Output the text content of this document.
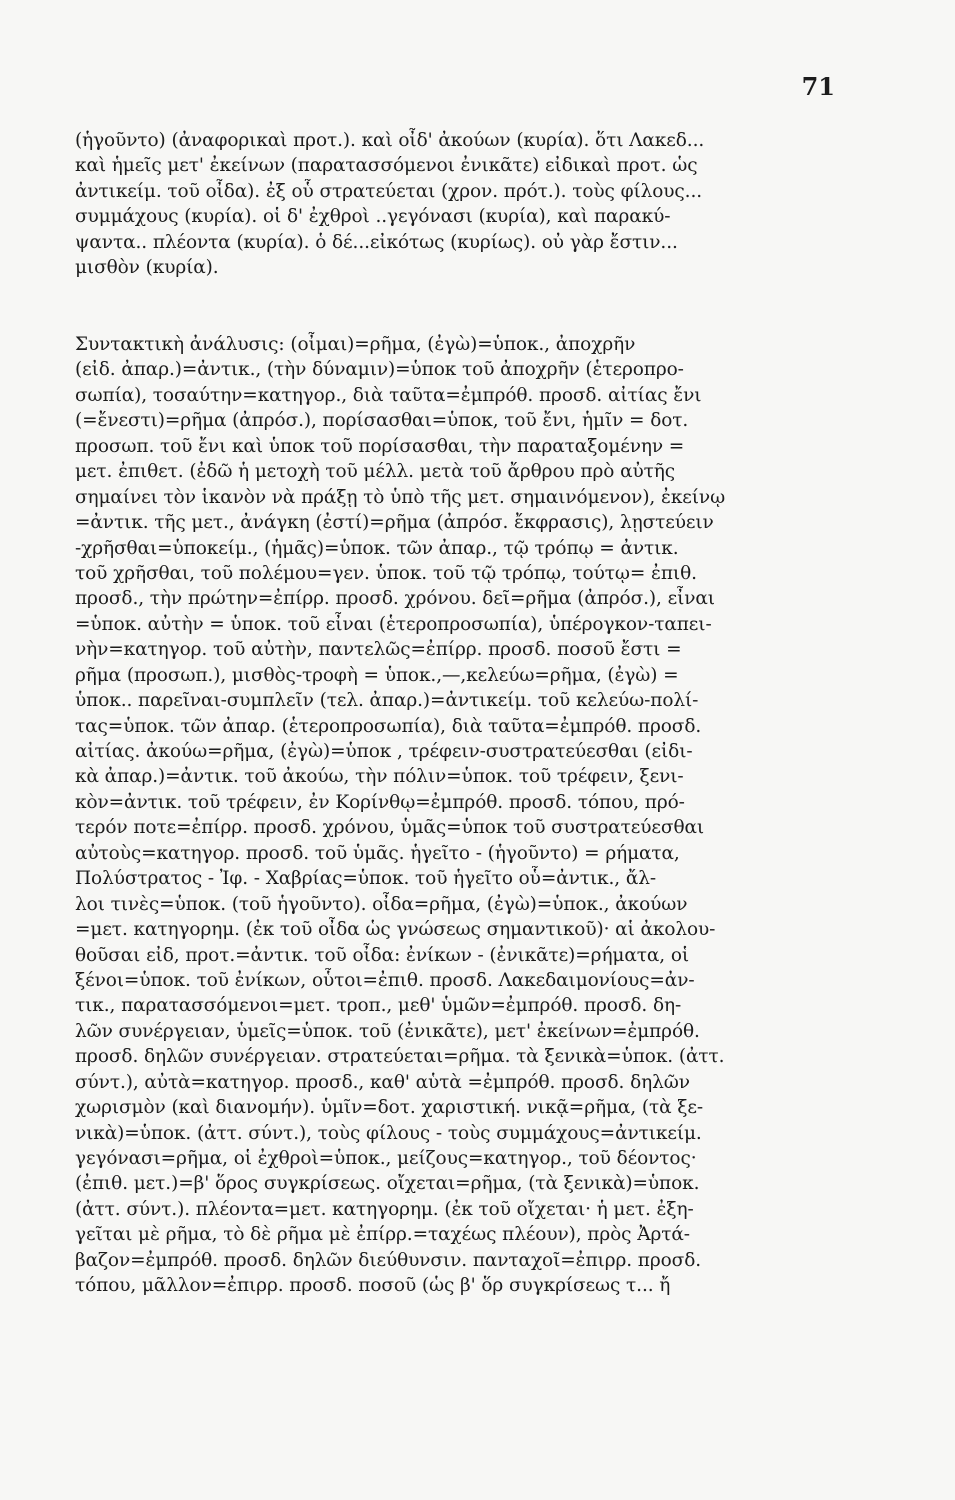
71
(ἡγοῦντο) (ἀναφορικαὶ προτ.). καὶ οἶδ' ἀκούων (κυρία). ὅτι Λακεδ...
καὶ ἡμεῖς μετ' ἐκείνων (παρατασσόμενοι ἐνικᾶτε) εἰδικαὶ προτ. ὡς
ἀντικείμ. τοῦ οἶδα). ἐξ οὗ στρατεύεται (χρον. πρότ.). τοὺς φίλους...
συμμάχους (κυρία). οἱ δ' ἐχθροὶ ..γεγόνασι (κυρία), καὶ παρακύ-
ψαντα.. πλέοντα (κυρία). ὁ δέ...εἰκότως (κυρίως). οὐ γὰρ ἔστιν...
μισθὸν (κυρία).
Συντακτικὴ ἀνάλυσις: (οἶμαι)=ρῆμα, (ἐγὼ)=ὑποκ., ἀποχρῆν
(εἰδ. ἀπαρ.)=ἀντικ., (τὴν δύναμιν)=ὑποκ τοῦ ἀποχρῆν (ἑτεροπρο-
σωπία), τοσαύτην=κατηγορ., διὰ ταῦτα=ἐμπρόθ. προσδ. αἰτίας ἔνι
(=ἔνεστι)=ρῆμα (ἀπρόσ.), πορίσασθαι=ὑποκ, τοῦ ἔνι, ἡμῖν = δοτ.
προσωπ. τοῦ ἔνι καὶ ὑποκ τοῦ πορίσασθαι, τὴν παραταξομένην =
μετ. ἐπιθετ. (ἐδῶ ἡ μετοχὴ τοῦ μέλλ. μετὰ τοῦ ἄρθρου πρὸ αὐτῆς
σημαίνει τὸν ἱκανὸν νὰ πράξῃ τὸ ὑπὸ τῆς μετ. σημαινόμενον), ἐκείνῳ
=ἀντικ. τῆς μετ., ἀνάγκη (ἐστί)=ρῆμα (ἀπρόσ. ἔκφρασις), λῃστεύειν
-χρῆσθαι=ὑποκείμ., (ἡμᾶς)=ὑποκ. τῶν ἀπαρ., τῷ τρόπῳ = ἀντικ.
τοῦ χρῆσθαι, τοῦ πολέμου=γεν. ὑποκ. τοῦ τῷ τρόπῳ, τούτῳ= ἐπιθ.
προσδ., τὴν πρώτην=ἐπίρρ. προσδ. χρόνου. δεῖ=ρῆμα (ἀπρόσ.), εἶναι
=ὑποκ. αὐτὴν = ὑποκ. τοῦ εἶναι (ἑτεροπροσωπία), ὑπέρογκον-ταπει-
νὴν=κατηγορ. τοῦ αὐτὴν, παντελῶς=ἐπίρρ. προσδ. ποσοῦ ἔστι =
ρῆμα (προσωπ.), μισθὸς-τροφὴ = ὑποκ.,—,κελεύω=ρῆμα, (ἐγὼ) =
ὑποκ.. παρεῖναι-συμπλεῖν (τελ. ἀπαρ.)=ἀντικείμ. τοῦ κελεύω-πολί-
τας=ὑποκ. τῶν ἀπαρ. (ἑτεροπροσωπία), διὰ ταῦτα=ἐμπρόθ. προσδ.
αἰτίας. ἀκούω=ρῆμα, (ἐγὼ)=ὑποκ , τρέφειν-συστρατεύεσθαι (εἰδι-
κὰ ἀπαρ.)=ἀντικ. τοῦ ἀκούω, τὴν πόλιν=ὑποκ. τοῦ τρέφειν, ξενι-
κὸν=ἀντικ. τοῦ τρέφειν, ἐν Κορίνθῳ=ἐμπρόθ. προσδ. τόπου, πρό-
τερόν ποτε=ἐπίρρ. προσδ. χρόνου, ὑμᾶς=ὑποκ τοῦ συστρατεύεσθαι
αὐτοὺς=κατηγορ. προσδ. τοῦ ὑμᾶς. ἡγεῖτο - (ἡγοῦντο) = ρήματα,
Πολύστρατος - Ἰφ. - Χαβρίας=ὑποκ. τοῦ ἡγεῖτο οὗ=ἀντικ., ἄλ-
λοι τινὲς=ὑποκ. (τοῦ ἡγοῦντο). οἶδα=ρῆμα, (ἐγὼ)=ὑποκ., ἀκούων
=μετ. κατηγορημ. (ἐκ τοῦ οἶδα ὡς γνώσεως σημαντικοῦ)· αἱ ἀκολου-
θοῦσαι εἰδ, προτ.=ἀντικ. τοῦ οἶδα: ἐνίκων - (ἐνικᾶτε)=ρήματα, οἱ
ξένοι=ὑποκ. τοῦ ἐνίκων, οὗτοι=ἐπιθ. προσδ. Λακεδαιμονίους=ἀν-
τικ., παρατασσόμενοι=μετ. τροπ., μεθ' ὑμῶν=ἐμπρόθ. προσδ. δη-
λῶν συνέργειαν, ὑμεῖς=ὑποκ. τοῦ (ἐνικᾶτε), μετ' ἐκείνων=ἐμπρόθ.
προσδ. δηλῶν συνέργειαν. στρατεύεται=ρῆμα. τὰ ξενικὰ=ὑποκ. (ἀττ.
σύντ.), αὐτὰ=κατηγορ. προσδ., καθ' αὑτὰ =ἐμπρόθ. προσδ. δηλῶν
χωρισμὸν (καὶ διανομήν). ὑμῖν=δοτ. χαριστική. νικᾷ=ρῆμα, (τὰ ξε-
νικὰ)=ὑποκ. (ἀττ. σύντ.), τοὺς φίλους - τοὺς συμμάχους=ἀντικείμ.
γεγόνασι=ρῆμα, οἱ ἐχθροὶ=ὑποκ., μείζους=κατηγορ., τοῦ δέοντος·
(ἐπιθ. μετ.)=β' ὅρος συγκρίσεως. οἴχεται=ρῆμα, (τὰ ξενικὰ)=ὑποκ.
(ἀττ. σύντ.). πλέοντα=μετ. κατηγορημ. (ἐκ τοῦ οἴχεται· ἡ μετ. ἐξη-
γεῖται μὲ ρῆμα, τὸ δὲ ρῆμα μὲ ἐπίρρ.=ταχέως πλέουν), πρὸς Ἀρτά-
βαζον=ἐμπρόθ. προσδ. δηλῶν διεύθυνσιν. πανταχοῖ=ἐπιρρ. προσδ.
τόπου, μᾶλλον=ἐπιρρ. προσδ. ποσοῦ (ὡς β' ὅρ συγκρίσεως τ... ἤ
